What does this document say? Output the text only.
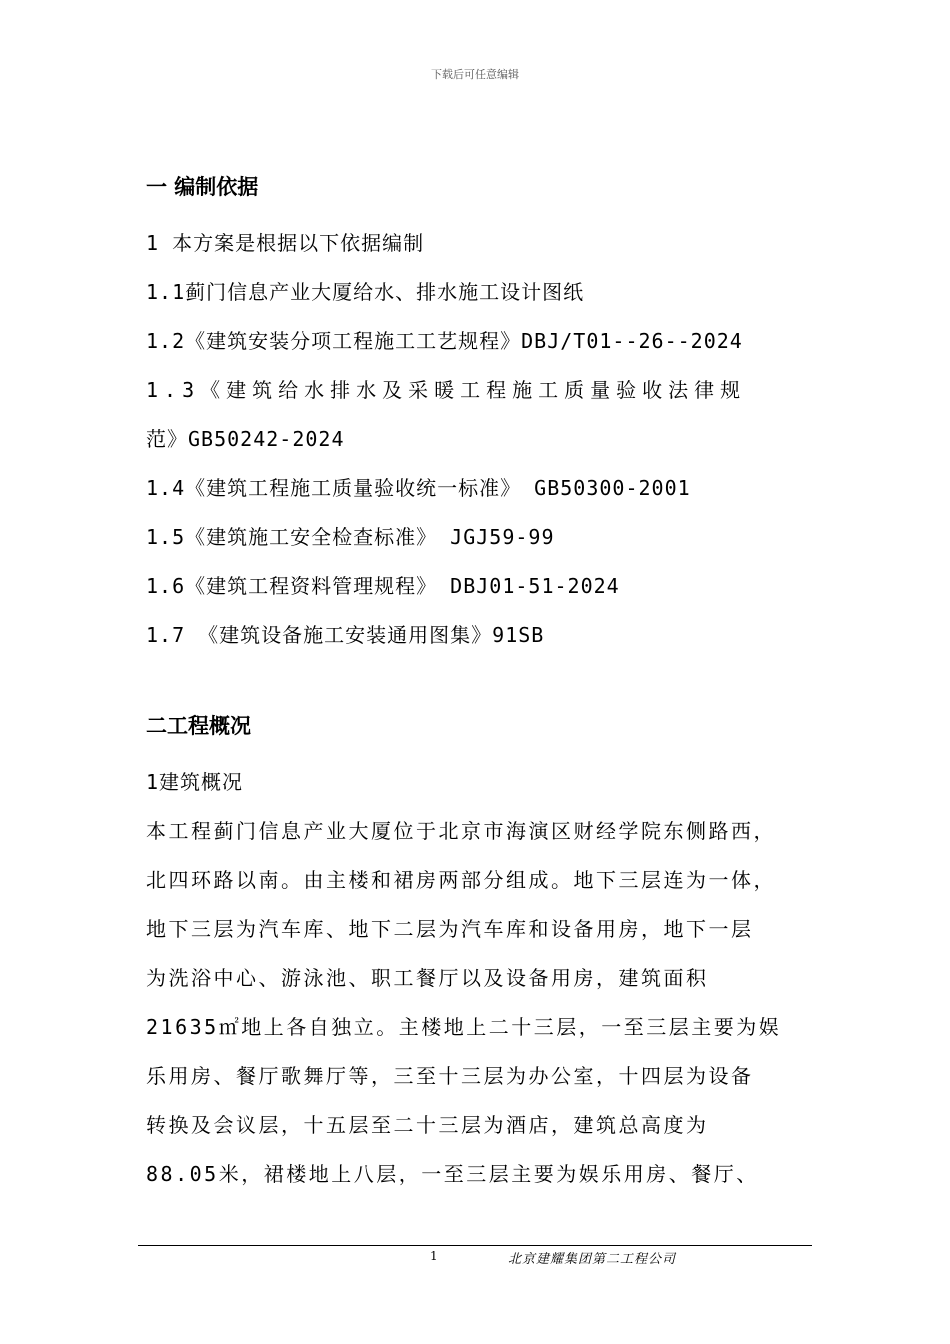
下载后可任意编辑
一 编制依据
1 本方案是根据以下依据编制
1.1蓟门信息产业大厦给水、排水施工设计图纸
1.2《建筑安装分项工程施工工艺规程》DBJ/T01--26--2024
1.3《建筑给水排水及采暖工程施工质量验收法律规
范》GB50242-2024
1.4《建筑工程施工质量验收统一标准》 GB50300-2001
1.5《建筑施工安全检查标准》 JGJ59-99
1.6《建筑工程资料管理规程》 DBJ01-51-2024
1.7 《建筑设备施工安装通用图集》91SB
二工程概况
1建筑概况
本工程蓟门信息产业大厦位于北京市海演区财经学院东侧路西，
北四环路以南。由主楼和裙房两部分组成。地下三层连为一体，
地下三层为汽车库、地下二层为汽车库和设备用房，地下一层
为洗浴中心、游泳池、职工餐厅以及设备用房，建筑面积
21635㎡地上各自独立。主楼地上二十三层，一至三层主要为娱
乐用房、餐厅歌舞厅等，三至十三层为办公室，十四层为设备
转换及会议层，十五层至二十三层为酒店，建筑总高度为
88.05米，裙楼地上八层，一至三层主要为娱乐用房、餐厅、
1	北京建耀集团第二工程公司
